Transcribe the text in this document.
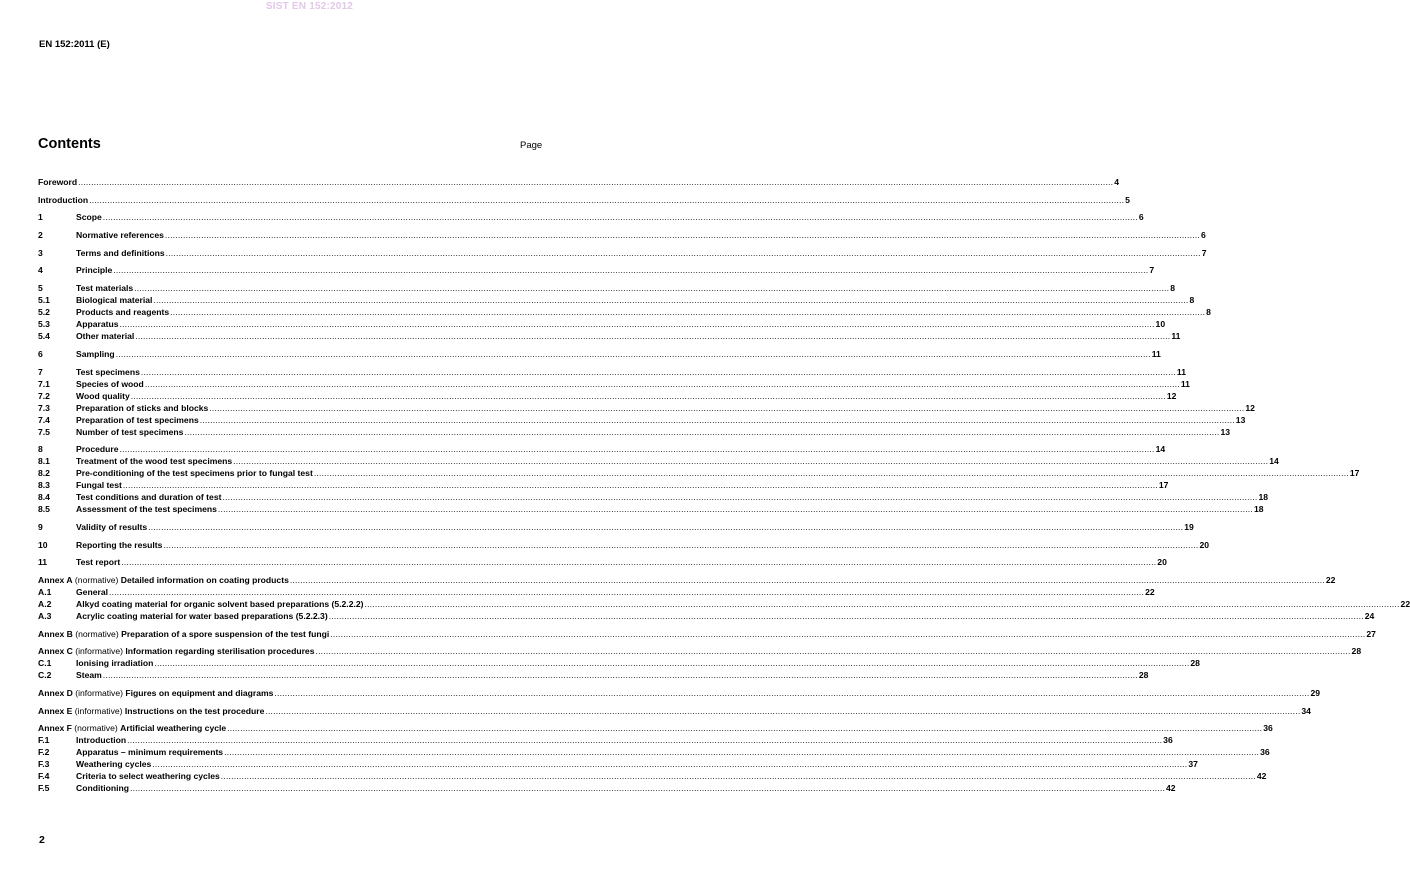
SIST EN 152:2012
EN 152:2011 (E)
Contents	Page
Foreword ................................................................................................................................................................................................................................................................................................................................................................................................................ 4
Introduction ................................................................................................................................................................................................................................................................................................................................................................................................................ 5
1	Scope ................................................................................................................................................................................................................................................................................................................................................................................................................ 6
2	Normative references ................................................................................................................................................................................................................................................................................................................................................................................................................ 6
3	Terms and definitions ................................................................................................................................................................................................................................................................................................................................................................................................................ 7
4	Principle ................................................................................................................................................................................................................................................................................................................................................................................................................ 7
5	Test materials ................................................................................................................................................................................................................................................................................................................................................................................................................ 8
5.1	Biological material ................................................................................................................................................................................................................................................................................................................................................................................................................ 8
5.2	Products and reagents ................................................................................................................................................................................................................................................................................................................................................................................................................ 8
5.3	Apparatus ................................................................................................................................................................................................................................................................................................................................................................................................................ 10
5.4	Other material ................................................................................................................................................................................................................................................................................................................................................................................................................ 11
6	Sampling ................................................................................................................................................................................................................................................................................................................................................................................................................ 11
7	Test specimens ................................................................................................................................................................................................................................................................................................................................................................................................................ 11
7.1	Species of wood ................................................................................................................................................................................................................................................................................................................................................................................................................ 11
7.2	Wood quality ................................................................................................................................................................................................................................................................................................................................................................................................................ 12
7.3	Preparation of sticks and blocks ................................................................................................................................................................................................................................................................................................................................................................................................................ 12
7.4	Preparation of test specimens ................................................................................................................................................................................................................................................................................................................................................................................................................ 13
7.5	Number of test specimens ................................................................................................................................................................................................................................................................................................................................................................................................................ 13
8	Procedure ................................................................................................................................................................................................................................................................................................................................................................................................................ 14
8.1	Treatment of the wood test specimens ................................................................................................................................................................................................................................................................................................................................................................................................................ 14
8.2	Pre-conditioning of the test specimens prior to fungal test ................................................................................................................................................................................................................................................................................................................................................................................................................ 17
8.3	Fungal test ................................................................................................................................................................................................................................................................................................................................................................................................................ 17
8.4	Test conditions and duration of test ................................................................................................................................................................................................................................................................................................................................................................................................................ 18
8.5	Assessment of the test specimens ................................................................................................................................................................................................................................................................................................................................................................................................................ 18
9	Validity of results ................................................................................................................................................................................................................................................................................................................................................................................................................ 19
10	Reporting the results ................................................................................................................................................................................................................................................................................................................................................................................................................ 20
11	Test report ................................................................................................................................................................................................................................................................................................................................................................................................................ 20
Annex A (normative) Detailed information on coating products ................................................................................................................................................................................................................................................................................................................................................................................................................ 22
A.1	General ................................................................................................................................................................................................................................................................................................................................................................................................................ 22
A.2	Alkyd coating material for organic solvent based preparations (5.2.2.2) ................................................................................................................................................................................................................................................................................................................................................................................................................ 22
A.3	Acrylic coating material for water based preparations (5.2.2.3) ................................................................................................................................................................................................................................................................................................................................................................................................................ 24
Annex B (normative) Preparation of a spore suspension of the test fungi ................................................................................................................................................................................................................................................................................................................................................................................................................ 27
Annex C (informative) Information regarding sterilisation procedures ................................................................................................................................................................................................................................................................................................................................................................................................................ 28
C.1	Ionising irradiation ................................................................................................................................................................................................................................................................................................................................................................................................................ 28
C.2	Steam ................................................................................................................................................................................................................................................................................................................................................................................................................ 28
Annex D (informative) Figures on equipment and diagrams ................................................................................................................................................................................................................................................................................................................................................................................................................ 29
Annex E (informative) Instructions on the test procedure ................................................................................................................................................................................................................................................................................................................................................................................................................ 34
Annex F (normative) Artificial weathering cycle ................................................................................................................................................................................................................................................................................................................................................................................................................ 36
F.1	Introduction ................................................................................................................................................................................................................................................................................................................................................................................................................ 36
F.2	Apparatus – minimum requirements ................................................................................................................................................................................................................................................................................................................................................................................................................ 36
F.3	Weathering cycles ................................................................................................................................................................................................................................................................................................................................................................................................................ 37
F.4	Criteria to select weathering cycles ................................................................................................................................................................................................................................................................................................................................................................................................................ 42
F.5	Conditioning ................................................................................................................................................................................................................................................................................................................................................................................................................ 42
2
